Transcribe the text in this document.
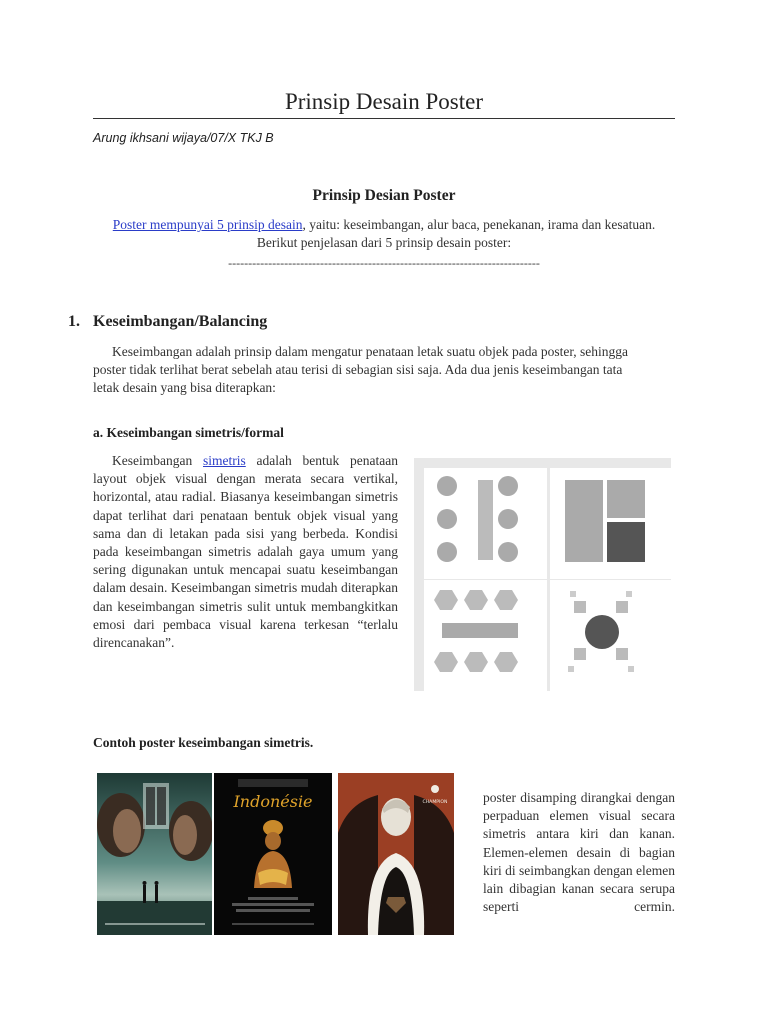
Prinsip Desain Poster
Arung ikhsani wijaya/07/X TKJ B
Prinsip Desian Poster
Poster mempunyai 5 prinsip desain, yaitu: keseimbangan, alur baca, penekanan, irama dan kesatuan. Berikut penjelasan dari 5 prinsip desain poster:
------------------------------------------------------------------------------
1. Keseimbangan/Balancing
Keseimbangan adalah prinsip dalam mengatur penataan letak suatu objek pada poster, sehingga poster tidak terlihat berat sebelah atau terisi di sebagian sisi saja. Ada dua jenis keseimbangan tata letak desain yang bisa diterapkan:
a. Keseimbangan simetris/formal
Keseimbangan simetris adalah bentuk penataan layout objek visual dengan merata secara vertikal, horizontal, atau radial. Biasanya keseimbangan simetris dapat terlihat dari penataan bentuk objek visual yang sama dan di letakan pada sisi yang berbeda. Kondisi pada keseimbangan simetris adalah gaya umum yang sering digunakan untuk mencapai suatu keseimbangan dalam desain. Keseimbangan simetris mudah diterapkan dan keseimbangan simetris sulit untuk membangkitkan emosi dari pembaca visual karena terkesan “terlalu direncanakan”.
Contoh poster keseimbangan simetris.
Indonésie	CHAMPION	poster disamping dirangkai dengan perpaduan elemen visual secara simetris antara kiri dan kanan. Elemen-elemen desain di bagian kiri di seimbangkan dengan elemen lain dibagian kanan secara serupa seperti cermin.
